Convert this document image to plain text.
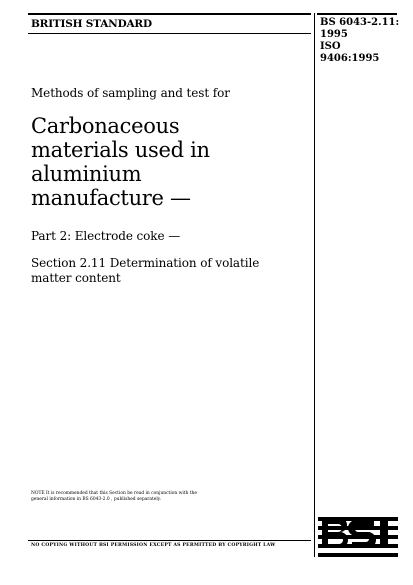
BRITISH STANDARD	BS 6043-2.11:
1995
ISO 9406:1995
Methods of sampling and test for
Carbonaceous
materials used in
aluminium
manufacture —
Part 2: Electrode coke —
Section 2.11 Determination of volatile
matter content
NOTE It is recommended that this Section be read in conjunction with the
general information in BS 6043-2.0 , published separately.
NO COPYING WITHOUT BSI PERMISSION EXCEPT AS PERMITTED BY COPYRIGHT LAW
